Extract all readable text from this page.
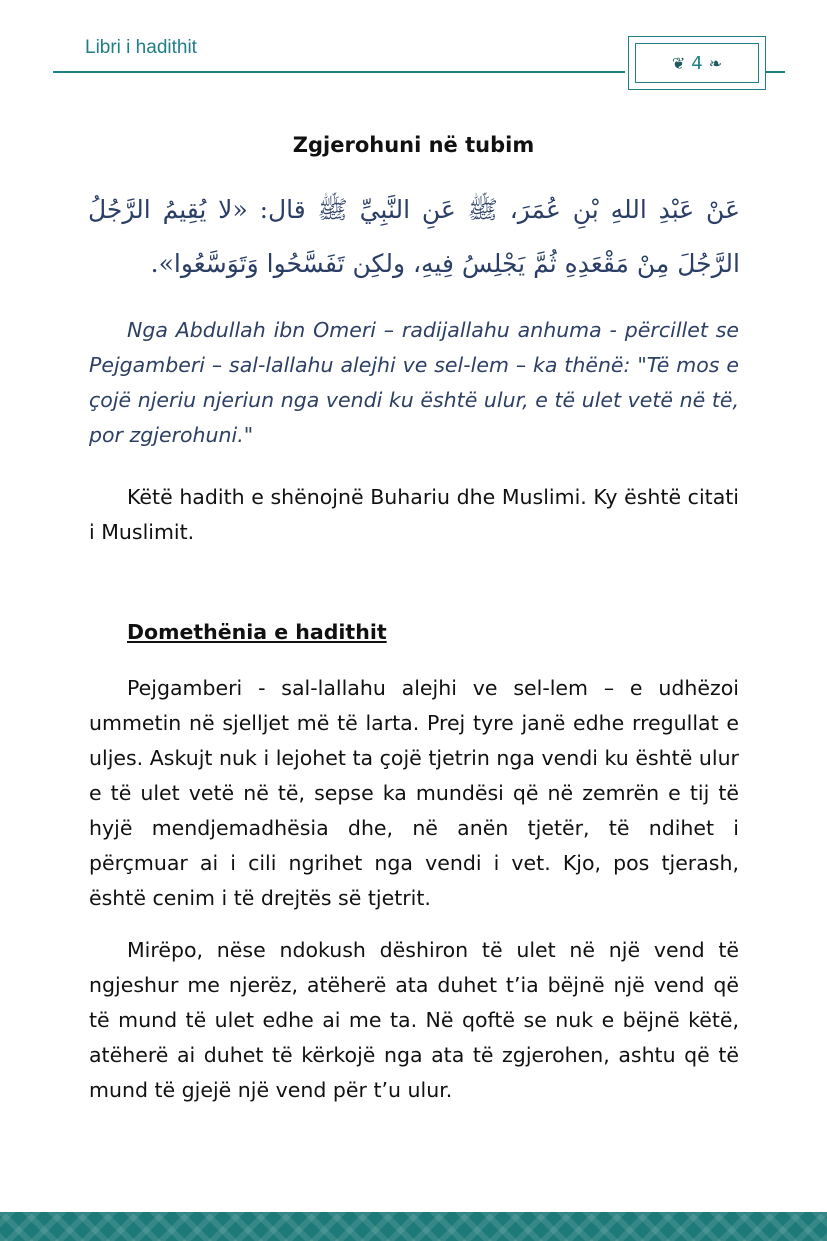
Libri i hadithit
❦ 4 ❧
Zgjerohuni në tubim
عَنْ عَبْدِ اللهِ بْنِ عُمَرَ، ﷺ عَنِ النَّبِيِّ ﷺ قال: «لا يُقِيمُ الرَّجُلُ الرَّجُلَ مِنْ مَقْعَدِهِ ثُمَّ يَجْلِسُ فِيهِ، ولكِن تَفَسَّحُوا وَتَوَسَّعُوا».
Nga Abdullah ibn Omeri – radijallahu anhuma - përcillet se Pejgamberi – sal-lallahu alejhi ve sel-lem – ka thënë: "Të mos e çojë njeriu njeriun nga vendi ku është ulur, e të ulet vetë në të, por zgjerohuni."
Këtë hadith e shënojnë Buhariu dhe Muslimi. Ky është citati i Muslimit.
Domethënia e hadithit
Pejgamberi - sal-lallahu alejhi ve sel-lem – e udhëzoi ummetin në sjelljet më të larta. Prej tyre janë edhe rregullat e uljes. Askujt nuk i lejohet ta çojë tjetrin nga vendi ku është ulur e të ulet vetë në të, sepse ka mundësi që në zemrën e tij të hyjë mendjemadhësia dhe, në anën tjetër, të ndihet i përçmuar ai i cili ngrihet nga vendi i vet. Kjo, pos tjerash, është cenim i të drejtës së tjetrit.
Mirëpo, nëse ndokush dëshiron të ulet në një vend të ngjeshur me njerëz, atëherë ata duhet t’ia bëjnë një vend që të mund të ulet edhe ai me ta. Në qoftë se nuk e bëjnë këtë, atëherë ai duhet të kërkojë nga ata të zgjerohen, ashtu që të mund të gjejë një vend për t’u ulur.
